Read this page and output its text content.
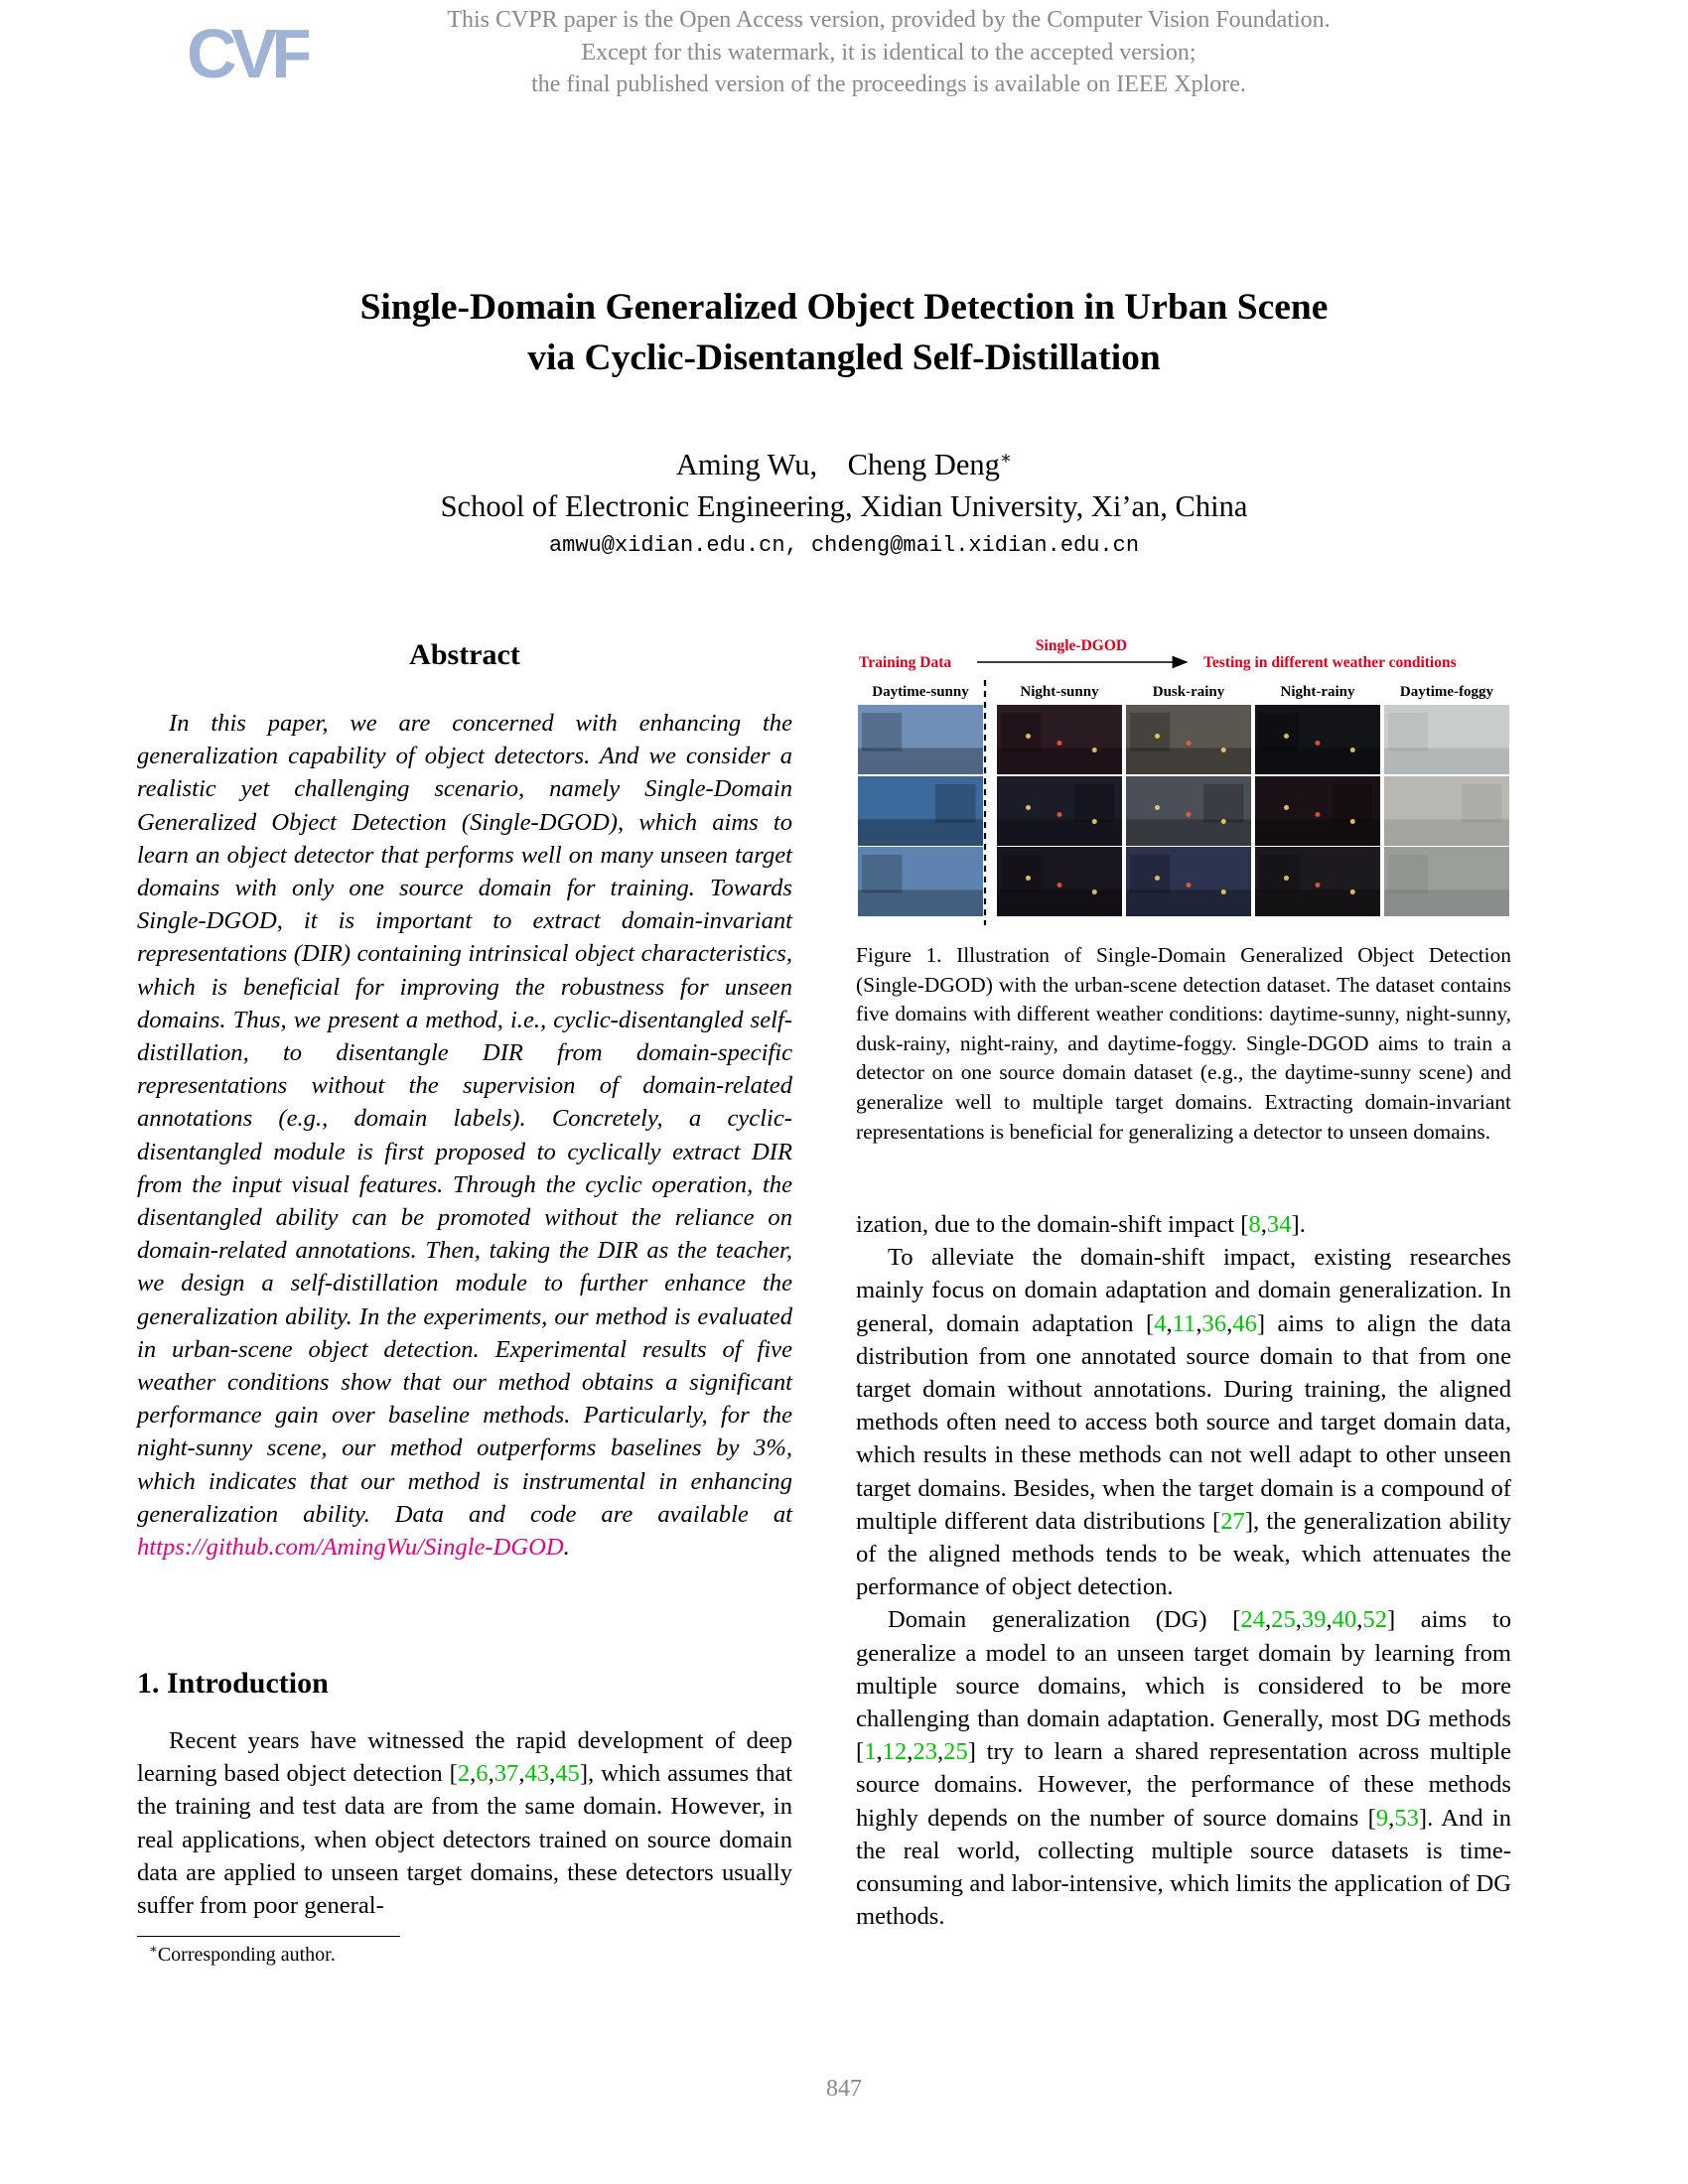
CVF	This CVPR paper is the Open Access version, provided by the Computer Vision Foundation.
Except for this watermark, it is identical to the accepted version;
the final published version of the proceedings is available on IEEE Xplore.
Single-Domain Generalized Object Detection in Urban Scene
via Cyclic-Disentangled Self-Distillation
Aming Wu, Cheng Deng∗
School of Electronic Engineering, Xidian University, Xi’an, China
amwu@xidian.edu.cn, chdeng@mail.xidian.edu.cn
Abstract

In this paper, we are concerned with enhancing the generalization capability of object detectors. And we consider a realistic yet challenging scenario, namely Single-Domain Generalized Object Detection (Single-DGOD), which aims to learn an object detector that performs well on many unseen target domains with only one source domain for training. Towards Single-DGOD, it is important to extract domain-invariant representations (DIR) containing intrinsical object characteristics, which is beneficial for improving the robustness for unseen domains. Thus, we present a method, i.e., cyclic-disentangled self-distillation, to disentangle DIR from domain-specific representations without the supervision of domain-related annotations (e.g., domain labels). Concretely, a cyclic-disentangled module is first proposed to cyclically extract DIR from the input visual features. Through the cyclic operation, the disentangled ability can be promoted without the reliance on domain-related annotations. Then, taking the DIR as the teacher, we design a self-distillation module to further enhance the generalization ability. In the experiments, our method is evaluated in urban-scene object detection. Experimental results of five weather conditions show that our method obtains a significant performance gain over baseline methods. Particularly, for the night-sunny scene, our method outperforms baselines by 3%, which indicates that our method is instrumental in enhancing generalization ability. Data and code are available at https://github.com/AmingWu/Single-DGOD.

1. Introduction

Recent years have witnessed the rapid development of deep learning based object detection [2,6,37,43,45], which assumes that the training and test data are from the same domain. However, in real applications, when object detectors trained on source domain data are applied to unseen target domains, these detectors usually suffer from poor general-

∗Corresponding author.
Training Data
Single-DGOD
Testing in different weather conditions
Daytime-sunny	Night-sunny	Dusk-rainy	Night-rainy	Daytime-foggy

Figure 1. Illustration of Single-Domain Generalized Object Detection (Single-DGOD) with the urban-scene detection dataset. The dataset contains five domains with different weather conditions: daytime-sunny, night-sunny, dusk-rainy, night-rainy, and daytime-foggy. Single-DGOD aims to train a detector on one source domain dataset (e.g., the daytime-sunny scene) and generalize well to multiple target domains. Extracting domain-invariant representations is beneficial for generalizing a detector to unseen domains.

ization, due to the domain-shift impact [8,34].

To alleviate the domain-shift impact, existing researches mainly focus on domain adaptation and domain generalization. In general, domain adaptation [4,11,36,46] aims to align the data distribution from one annotated source domain to that from one target domain without annotations. During training, the aligned methods often need to access both source and target domain data, which results in these methods can not well adapt to other unseen target domains. Besides, when the target domain is a compound of multiple different data distributions [27], the generalization ability of the aligned methods tends to be weak, which attenuates the performance of object detection.

Domain generalization (DG) [24,25,39,40,52] aims to generalize a model to an unseen target domain by learning from multiple source domains, which is considered to be more challenging than domain adaptation. Generally, most DG methods [1,12,23,25] try to learn a shared representation across multiple source domains. However, the performance of these methods highly depends on the number of source domains [9,53]. And in the real world, collecting multiple source datasets is time-consuming and labor-intensive, which limits the application of DG methods.

847
